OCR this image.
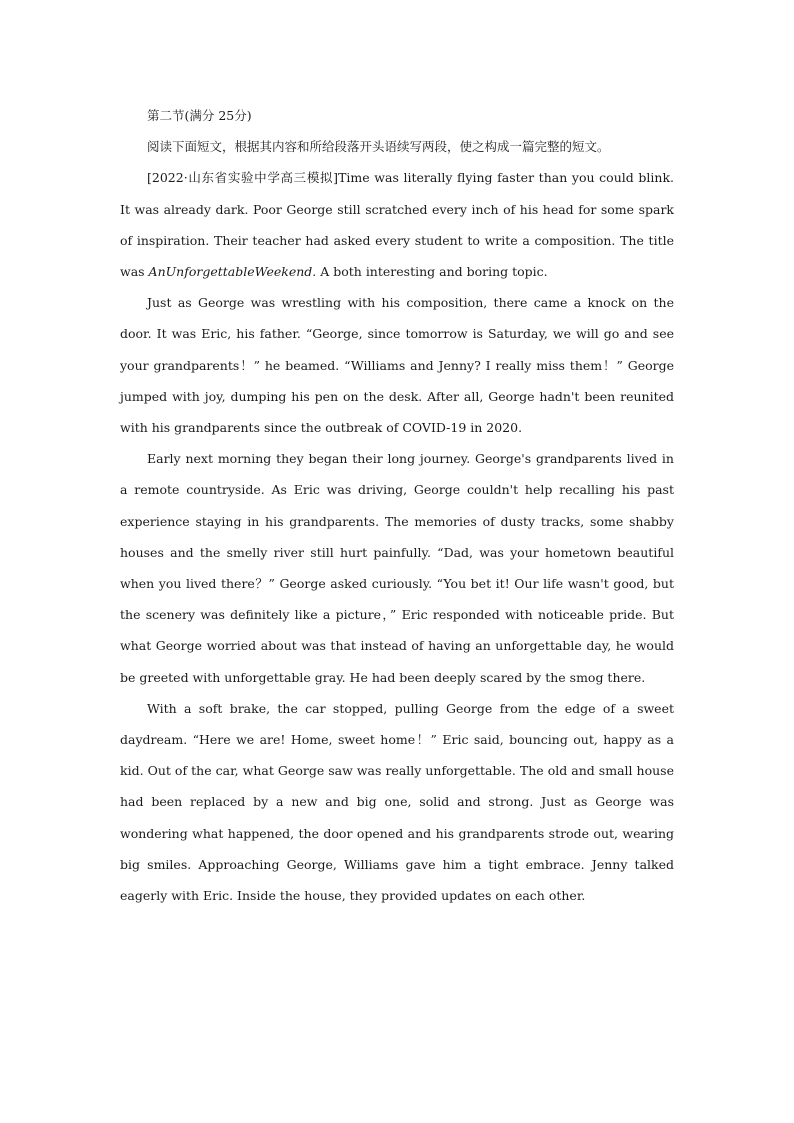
第二节(满分 25分)

阅读下面短文，根据其内容和所给段落开头语续写两段，使之构成一篇完整的短文。

[2022·山东省实验中学高三模拟]Time was literally flying faster than you could blink. It was already dark. Poor George still scratched every inch of his head for some spark of inspiration. Their teacher had asked every student to write a composition. The title was AnUnforgettableWeekend. A both interesting and boring topic.

Just as George was wrestling with his composition, there came a knock on the door. It was Eric, his father. “George, since tomorrow is Saturday, we will go and see your grandparents！” he beamed. “Williams and Jenny? I really miss them！” George jumped with joy, dumping his pen on the desk. After all, George hadn't been reunited with his grandparents since the outbreak of COVID-19 in 2020.

Early next morning they began their long journey. George's grandparents lived in a remote countryside. As Eric was driving, George couldn't help recalling his past experience staying in his grandparents. The memories of dusty tracks, some shabby houses and the smelly river still hurt painfully. “Dad, was your hometown beautiful when you lived there？” George asked curiously. “You bet it! Our life wasn't good, but the scenery was definitely like a picture，” Eric responded with noticeable pride. But what George worried about was that instead of having an unforgettable day, he would be greeted with unforgettable gray. He had been deeply scared by the smog there.

With a soft brake, the car stopped, pulling George from the edge of a sweet daydream. “Here we are! Home, sweet home！” Eric said, bouncing out, happy as a kid. Out of the car, what George saw was really unforgettable. The old and small house had been replaced by a new and big one, solid and strong. Just as George was wondering what happened, the door opened and his grandparents strode out, wearing big smiles. Approaching George, Williams gave him a tight embrace. Jenny talked eagerly with Eric. Inside the house, they provided updates on each other.
